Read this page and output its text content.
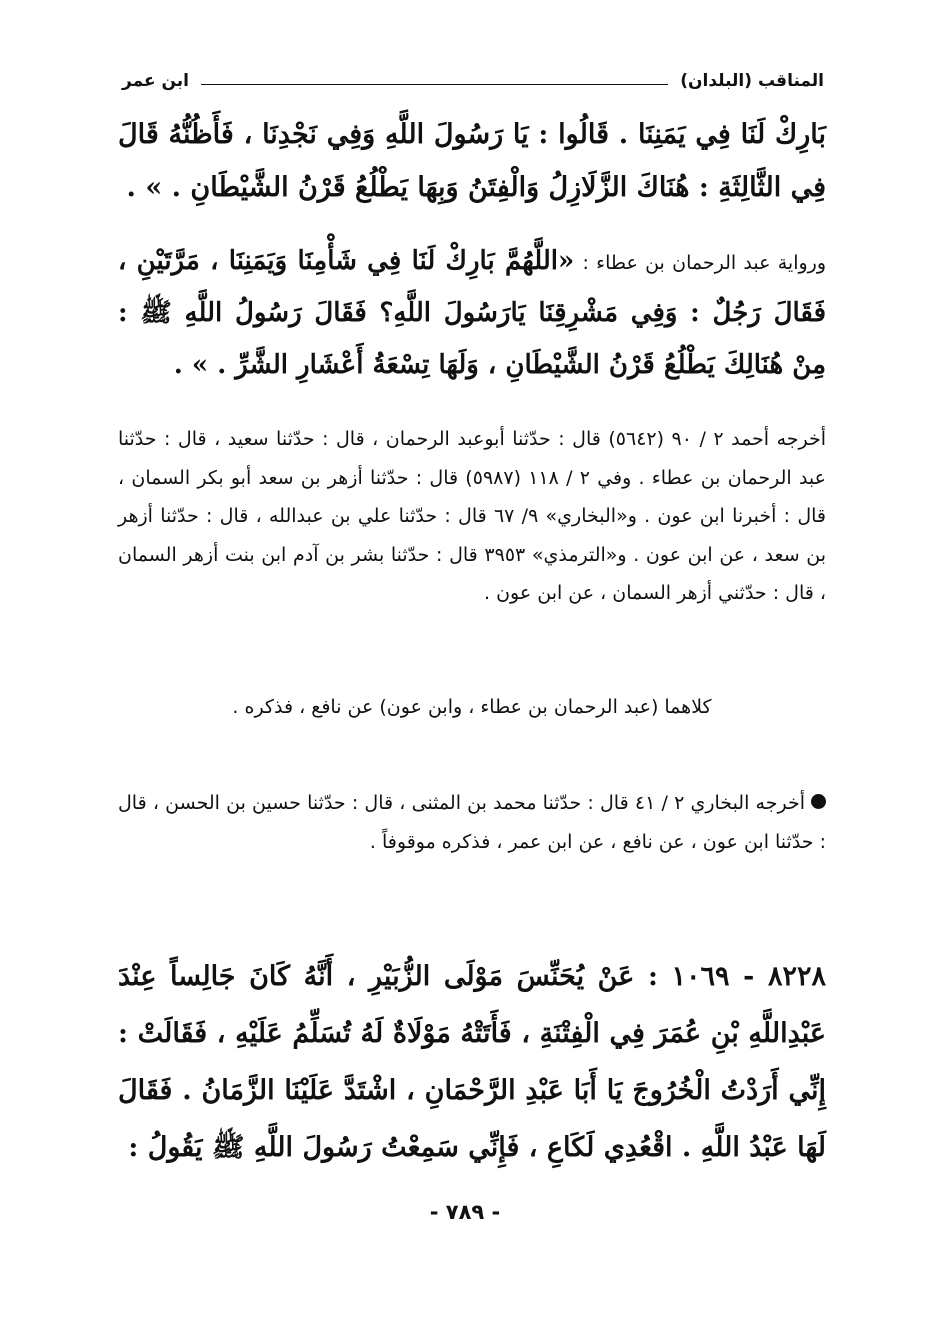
المناقب (البلدان)
ابن عمر

بَارِكْ لَنَا فِي يَمَنِنَا . قَالُوا : يَا رَسُولَ اللَّهِ وَفِي نَجْدِنَا ، فَأَظُنُّهُ قَالَ فِي الثَّالِثَةِ : هُنَاكَ الزَّلَازِلُ وَالْفِتَنُ وَبِهَا يَطْلُعُ قَرْنُ الشَّيْطَانِ . » .

ورواية عبد الرحمان بن عطاء : «اللَّهُمَّ بَارِكْ لَنَا فِي شَأْمِنَا وَيَمَنِنَا ، مَرَّتَيْنِ ، فَقَالَ رَجُلٌ : وَفِي مَشْرِقِنَا يَارَسُولَ اللَّهِ؟ فَقَالَ رَسُولُ اللَّهِ ﷺ : مِنْ هُنَالِكَ يَطْلُعُ قَرْنُ الشَّيْطَانِ ، وَلَهَا تِسْعَةُ أَعْشَارِ الشَّرِّ . » .

أخرجه أحمد ٢ / ٩٠ (٥٦٤٢) قال : حدّثنا أبوعبد الرحمان ، قال : حدّثنا سعيد ، قال : حدّثنا عبد الرحمان بن عطاء . وفي ٢ / ١١٨ (٥٩٨٧) قال : حدّثنا أزهر بن سعد أبو بكر السمان ، قال : أخبرنا ابن عون . و«البخاري» ٩/ ٦٧ قال : حدّثنا علي بن عبدالله ، قال : حدّثنا أزهر بن سعد ، عن ابن عون . و«الترمذي» ٣٩٥٣ قال : حدّثنا بشر بن آدم ابن بنت أزهر السمان ، قال : حدّثني أزهر السمان ، عن ابن عون .

كلاهما (عبد الرحمان بن عطاء ، وابن عون) عن نافع ، فذكره .

أخرجه البخاري ٢ / ٤١ قال : حدّثنا محمد بن المثنى ، قال : حدّثنا حسين بن الحسن ، قال : حدّثنا ابن عون ، عن نافع ، عن ابن عمر ، فذكره موقوفاً .

٨٢٢٨ - ١٠٦٩ : عَنْ يُحَنِّسَ مَوْلَى الزُّبَيْرِ ، أَنَّهُ كَانَ جَالِساً عِنْدَ عَبْدِاللَّهِ بْنِ عُمَرَ فِي الْفِتْنَةِ ، فَأَتَتْهُ مَوْلَاةٌ لَهُ تُسَلِّمُ عَلَيْهِ ، فَقَالَتْ : إِنِّي أَرَدْتُ الْخُرُوجَ يَا أَبَا عَبْدِ الرَّحْمَانِ ، اشْتَدَّ عَلَيْنَا الزَّمَانُ . فَقَالَ لَهَا عَبْدُ اللَّهِ . اقْعُدِي لَكَاعِ ، فَإِنِّي سَمِعْتُ رَسُولَ اللَّهِ ﷺ يَقُولُ :

- ٧٨٩ -
